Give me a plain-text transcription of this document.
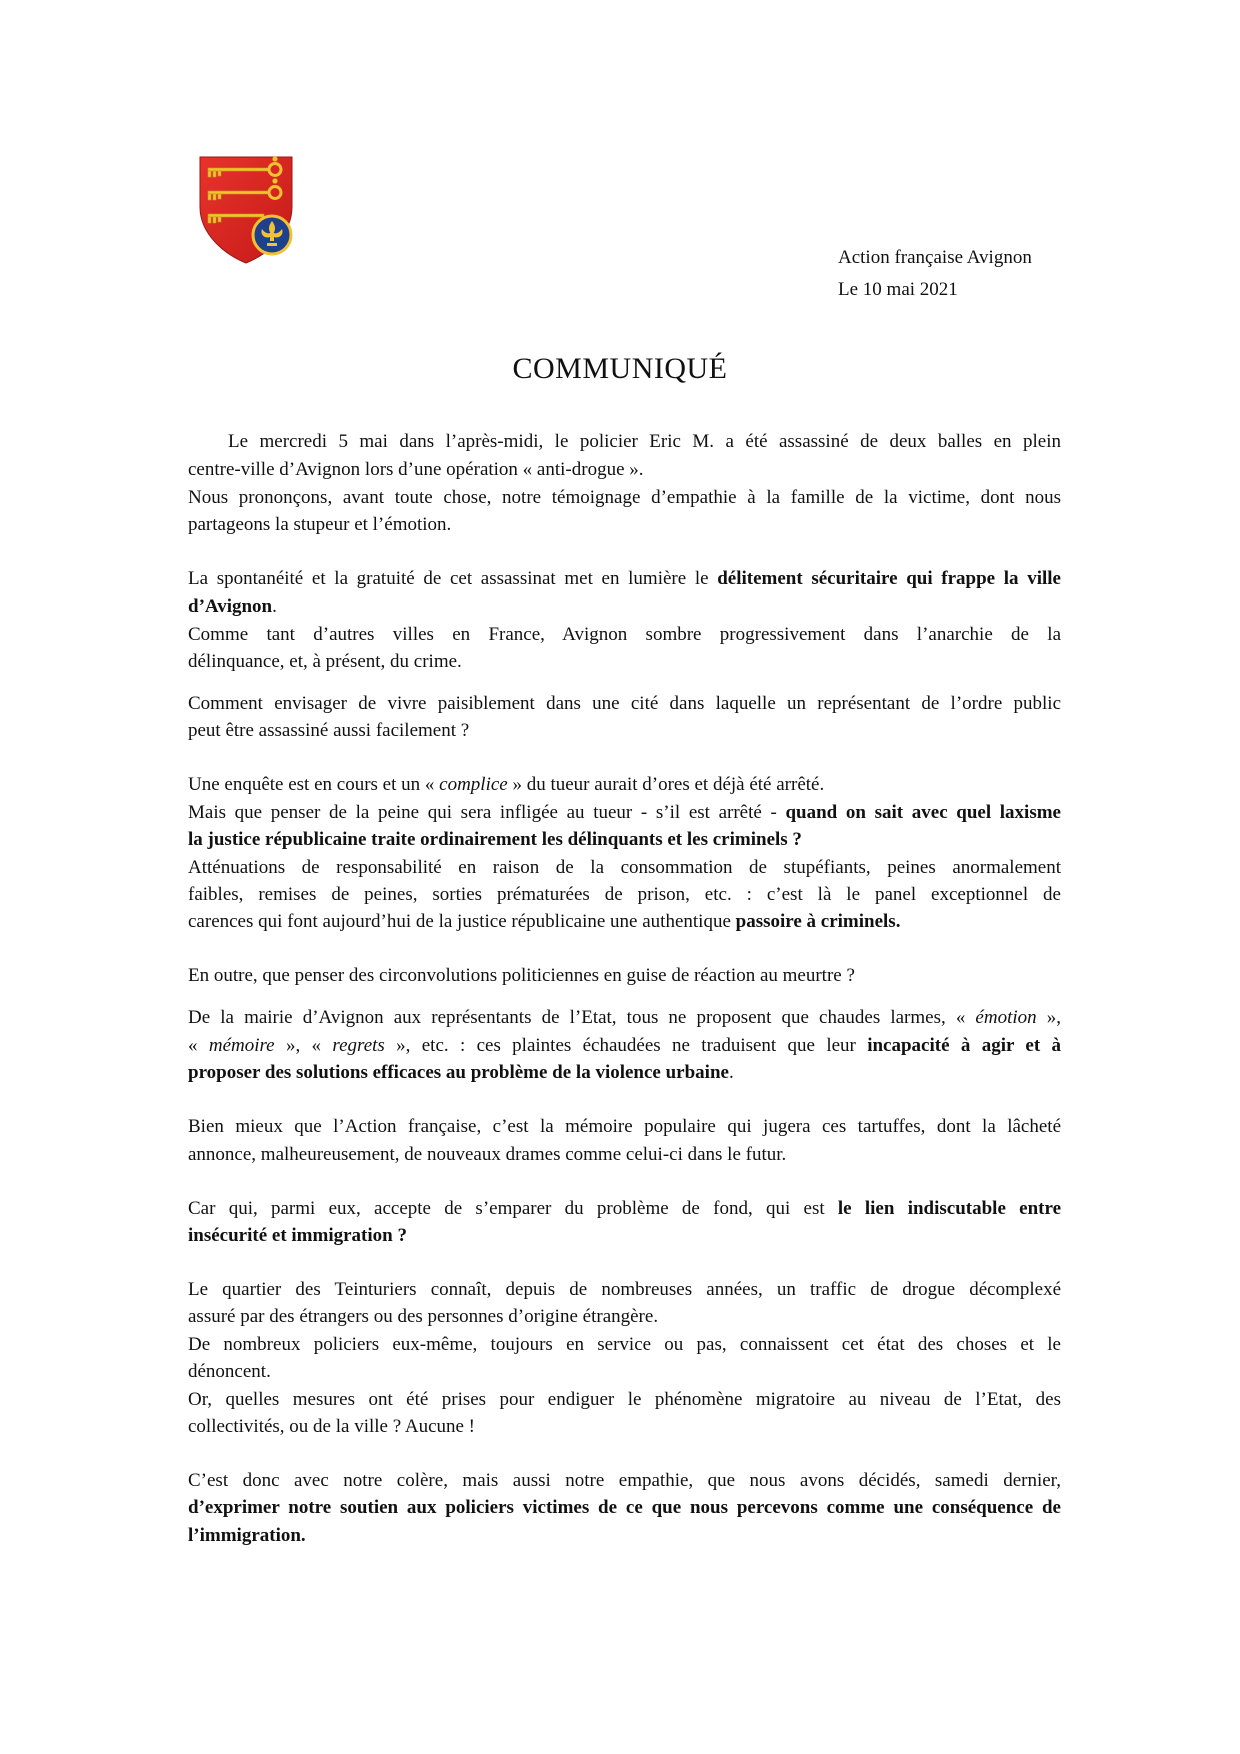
Action française Avignon
Le 10 mai 2021
COMMUNIQUÉ
Le mercredi 5 mai dans l’après-midi, le policier Eric M. a été assassiné de deux balles en plein
centre-ville d’Avignon lors d’une opération « anti-drogue ».
Nous prononçons, avant toute chose, notre témoignage d’empathie à la famille de la victime, dont nous
partageons la stupeur et l’émotion.
La spontanéité et la gratuité de cet assassinat met en lumière le délitement sécuritaire qui frappe la ville
d’Avignon.
Comme tant d’autres villes en France, Avignon sombre progressivement dans l’anarchie de la
délinquance, et, à présent, du crime.
Comment envisager de vivre paisiblement dans une cité dans laquelle un représentant de l’ordre public
peut être assassiné aussi facilement ?
Une enquête est en cours et un « complice » du tueur aurait d’ores et déjà été arrêté.
Mais que penser de la peine qui sera infligée au tueur - s’il est arrêté - quand on sait avec quel laxisme
la justice républicaine traite ordinairement les délinquants et les criminels ?
Atténuations de responsabilité en raison de la consommation de stupéfiants, peines anormalement
faibles, remises de peines, sorties prématurées de prison, etc. : c’est là le panel exceptionnel de
carences qui font aujourd’hui de la justice républicaine une authentique passoire à criminels.
En outre, que penser des circonvolutions politiciennes en guise de réaction au meurtre ?
De la mairie d’Avignon aux représentants de l’Etat, tous ne proposent que chaudes larmes, « émotion »,
« mémoire », « regrets », etc. : ces plaintes échaudées ne traduisent que leur incapacité à agir et à
proposer des solutions efficaces au problème de la violence urbaine.
Bien mieux que l’Action française, c’est la mémoire populaire qui jugera ces tartuffes, dont la lâcheté
annonce, malheureusement, de nouveaux drames comme celui-ci dans le futur.
Car qui, parmi eux, accepte de s’emparer du problème de fond, qui est le lien indiscutable entre
insécurité et immigration ?
Le quartier des Teinturiers connaît, depuis de nombreuses années, un traffic de drogue décomplexé
assuré par des étrangers ou des personnes d’origine étrangère.
De nombreux policiers eux-même, toujours en service ou pas, connaissent cet état des choses et le
dénoncent.
Or, quelles mesures ont été prises pour endiguer le phénomène migratoire au niveau de l’Etat, des
collectivités, ou de la ville ? Aucune !
C’est donc avec notre colère, mais aussi notre empathie, que nous avons décidés, samedi dernier,
d’exprimer notre soutien aux policiers victimes de ce que nous percevons comme une conséquence de
l’immigration.
